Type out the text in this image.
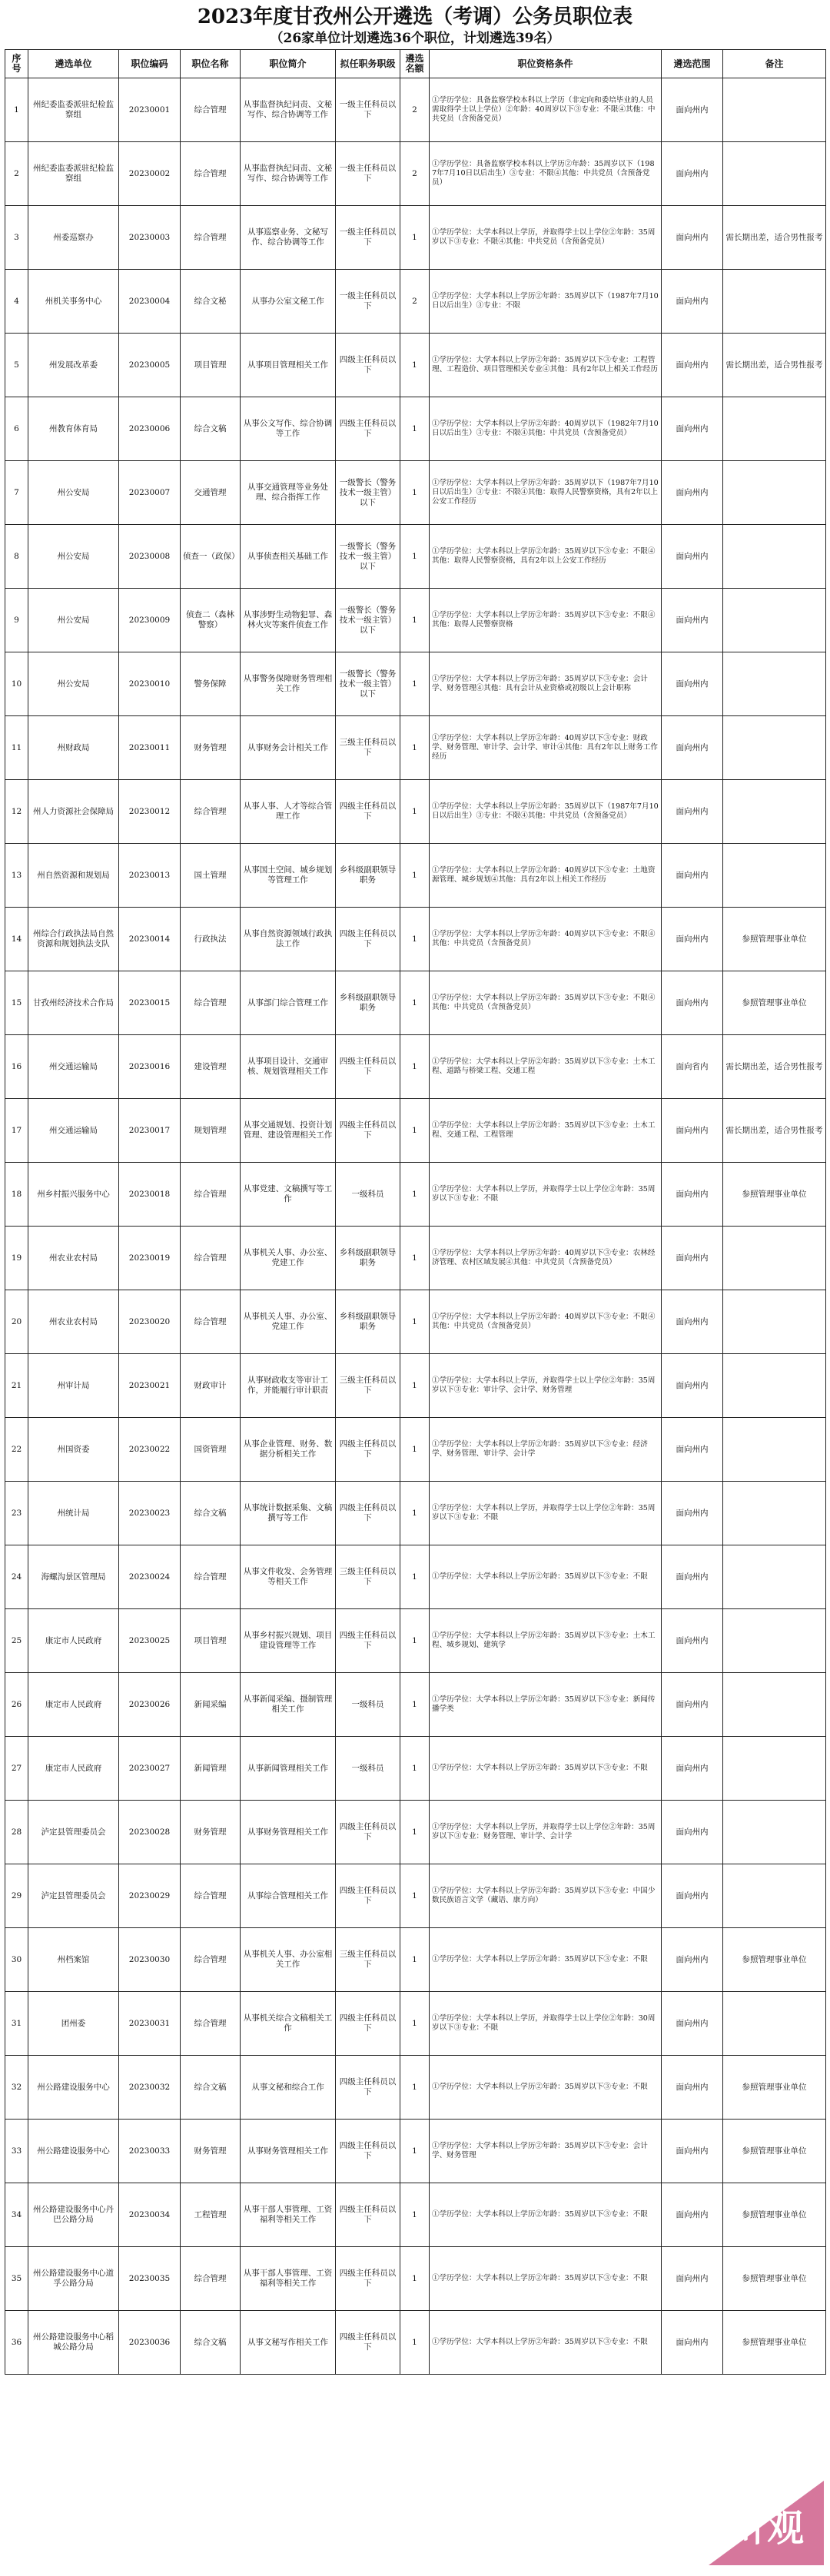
2023年度甘孜州公开遴选（考调）公务员职位表
（26家单位计划遴选36个职位，计划遴选39名）
序号	遴选单位	职位编码	职位名称	职位简介	拟任职务职级	遴选名额	职位资格条件	遴选范围	备注
1	州纪委监委派驻纪检监察组	20230001	综合管理	从事监督执纪问责、文秘写作、综合协调等工作	一级主任科员以下	2	①学历学位：具备监察学校本科以上学历（非定向和委培毕业的人员需取得学士以上学位）②年龄：40周岁以下③专业：不限④其他：中共党员（含预备党员）	面向州内	
2	州纪委监委派驻纪检监察组	20230002	综合管理	从事监督执纪问责、文秘写作、综合协调等工作	一级主任科员以下	2	①学历学位：具备监察学校本科以上学历②年龄：35周岁以下（1987年7月10日以后出生）③专业：不限④其他：中共党员（含预备党员）	面向州内	
3	州委巡察办	20230003	综合管理	从事巡察业务、文秘写作、综合协调等工作	一级主任科员以下	1	①学历学位：大学本科以上学历，并取得学士以上学位②年龄：35周岁以下③专业：不限④其他：中共党员（含预备党员）	面向州内	需长期出差，适合男性报考
4	州机关事务中心	20230004	综合文秘	从事办公室文秘工作	一级主任科员以下	2	①学历学位：大学本科以上学历②年龄：35周岁以下（1987年7月10日以后出生）③专业：不限	面向州内	
5	州发展改革委	20230005	项目管理	从事项目管理相关工作	四级主任科员以下	1	①学历学位：大学本科以上学历②年龄：35周岁以下③专业：工程管理、工程造价、项目管理相关专业④其他：具有2年以上相关工作经历	面向州内	需长期出差，适合男性报考
6	州教育体育局	20230006	综合文稿	从事公文写作、综合协调等工作	四级主任科员以下	1	①学历学位：大学本科以上学历②年龄：40周岁以下（1982年7月10日以后出生）③专业：不限④其他：中共党员（含预备党员）	面向州内	
7	州公安局	20230007	交通管理	从事交通管理等业务处理、综合指挥工作	一级警长（警务技术一级主管）以下	1	①学历学位：大学本科以上学历②年龄：35周岁以下（1987年7月10日以后出生）③专业：不限④其他：取得人民警察资格，具有2年以上公安工作经历	面向州内	
8	州公安局	20230008	侦查一（政保）	从事侦查相关基础工作	一级警长（警务技术一级主管）以下	1	①学历学位：大学本科以上学历②年龄：35周岁以下③专业：不限④其他：取得人民警察资格，具有2年以上公安工作经历	面向州内	
9	州公安局	20230009	侦查二（森林警察）	从事涉野生动物犯罪、森林火灾等案件侦查工作	一级警长（警务技术一级主管）以下	1	①学历学位：大学本科以上学历②年龄：35周岁以下③专业：不限④其他：取得人民警察资格	面向州内	
10	州公安局	20230010	警务保障	从事警务保障财务管理相关工作	一级警长（警务技术一级主管）以下	1	①学历学位：大学本科以上学历②年龄：35周岁以下③专业：会计学、财务管理④其他：具有会计从业资格或初级以上会计职称	面向州内	
11	州财政局	20230011	财务管理	从事财务会计相关工作	三级主任科员以下	1	①学历学位：大学本科以上学历②年龄：40周岁以下③专业：财政学、财务管理、审计学、会计学、审计④其他：具有2年以上财务工作经历	面向州内	
12	州人力资源社会保障局	20230012	综合管理	从事人事、人才等综合管理工作	四级主任科员以下	1	①学历学位：大学本科以上学历②年龄：35周岁以下（1987年7月10日以后出生）③专业：不限④其他：中共党员（含预备党员）	面向州内	
13	州自然资源和规划局	20230013	国土管理	从事国土空间、城乡规划等管理工作	乡科级副职领导职务	1	①学历学位：大学本科以上学历②年龄：40周岁以下③专业：土地资源管理、城乡规划④其他：具有2年以上相关工作经历	面向州内	
14	州综合行政执法局自然资源和规划执法支队	20230014	行政执法	从事自然资源领域行政执法工作	四级主任科员以下	1	①学历学位：大学本科以上学历②年龄：40周岁以下③专业：不限④其他：中共党员（含预备党员）	面向州内	参照管理事业单位
15	甘孜州经济技术合作局	20230015	综合管理	从事部门综合管理工作	乡科级副职领导职务	1	①学历学位：大学本科以上学历②年龄：35周岁以下③专业：不限④其他：中共党员（含预备党员）	面向州内	参照管理事业单位
16	州交通运输局	20230016	建设管理	从事项目设计、交通审核、规划管理相关工作	四级主任科员以下	1	①学历学位：大学本科以上学历②年龄：35周岁以下③专业：土木工程、道路与桥梁工程、交通工程	面向省内	需长期出差，适合男性报考
17	州交通运输局	20230017	规划管理	从事交通规划、投资计划管理、建设管理相关工作	四级主任科员以下	1	①学历学位：大学本科以上学历②年龄：35周岁以下③专业：土木工程、交通工程、工程管理	面向州内	需长期出差，适合男性报考
18	州乡村振兴服务中心	20230018	综合管理	从事党建、文稿撰写等工作	一级科员	1	①学历学位：大学本科以上学历，并取得学士以上学位②年龄：35周岁以下③专业：不限	面向州内	参照管理事业单位
19	州农业农村局	20230019	综合管理	从事机关人事、办公室、党建工作	乡科级副职领导职务	1	①学历学位：大学本科以上学历②年龄：40周岁以下③专业：农林经济管理、农村区域发展④其他：中共党员（含预备党员）	面向州内	
20	州农业农村局	20230020	综合管理	从事机关人事、办公室、党建工作	乡科级副职领导职务	1	①学历学位：大学本科以上学历②年龄：40周岁以下③专业：不限④其他：中共党员（含预备党员）	面向州内	
21	州审计局	20230021	财政审计	从事财政收支等审计工作，并能履行审计职责	三级主任科员以下	1	①学历学位：大学本科以上学历，并取得学士以上学位②年龄：35周岁以下③专业：审计学、会计学、财务管理	面向州内	
22	州国资委	20230022	国资管理	从事企业管理、财务、数据分析相关工作	四级主任科员以下	1	①学历学位：大学本科以上学历②年龄：35周岁以下③专业：经济学、财务管理、审计学、会计学	面向州内	
23	州统计局	20230023	综合文稿	从事统计数据采集、文稿撰写等工作	四级主任科员以下	1	①学历学位：大学本科以上学历，并取得学士以上学位②年龄：35周岁以下③专业：不限	面向州内	
24	海螺沟景区管理局	20230024	综合管理	从事文件收发、会务管理等相关工作	三级主任科员以下	1	①学历学位：大学本科以上学历②年龄：35周岁以下③专业：不限	面向州内	
25	康定市人民政府	20230025	项目管理	从事乡村振兴规划、项目建设管理等工作	四级主任科员以下	1	①学历学位：大学本科以上学历②年龄：35周岁以下③专业：土木工程、城乡规划、建筑学	面向州内	
26	康定市人民政府	20230026	新闻采编	从事新闻采编、摄制管理相关工作	一级科员	1	①学历学位：大学本科以上学历②年龄：35周岁以下③专业：新闻传播学类	面向州内	
27	康定市人民政府	20230027	新闻管理	从事新闻管理相关工作	一级科员	1	①学历学位：大学本科以上学历②年龄：35周岁以下③专业：不限	面向州内	
28	泸定县管理委员会	20230028	财务管理	从事财务管理相关工作	四级主任科员以下	1	①学历学位：大学本科以上学历，并取得学士以上学位②年龄：35周岁以下③专业：财务管理、审计学、会计学	面向州内	
29	泸定县管理委员会	20230029	综合管理	从事综合管理相关工作	四级主任科员以下	1	①学历学位：大学本科以上学历②年龄：35周岁以下③专业：中国少数民族语言文学（藏语、康方向）	面向州内	
30	州档案馆	20230030	综合管理	从事机关人事、办公室相关工作	三级主任科员以下	1	①学历学位：大学本科以上学历②年龄：35周岁以下③专业：不限	面向州内	参照管理事业单位
31	团州委	20230031	综合管理	从事机关综合文稿相关工作	四级主任科员以下	1	①学历学位：大学本科以上学历，并取得学士以上学位②年龄：30周岁以下③专业：不限	面向州内	
32	州公路建设服务中心	20230032	综合文稿	从事文秘和综合工作	四级主任科员以下	1	①学历学位：大学本科以上学历②年龄：35周岁以下③专业：不限	面向州内	参照管理事业单位
33	州公路建设服务中心	20230033	财务管理	从事财务管理相关工作	四级主任科员以下	1	①学历学位：大学本科以上学历②年龄：35周岁以下③专业：会计学、财务管理	面向州内	参照管理事业单位
34	州公路建设服务中心丹巴公路分局	20230034	工程管理	从事干部人事管理、工资福利等相关工作	四级主任科员以下	1	①学历学位：大学本科以上学历②年龄：35周岁以下③专业：不限	面向州内	参照管理事业单位
35	州公路建设服务中心道孚公路分局	20230035	综合管理	从事干部人事管理、工资福利等相关工作	四级主任科员以下	1	①学历学位：大学本科以上学历②年龄：35周岁以下③专业：不限	面向州内	参照管理事业单位
36	州公路建设服务中心稻城公路分局	20230036	综合文稿	从事文秘写作相关工作	四级主任科员以下	1	①学历学位：大学本科以上学历②年龄：35周岁以下③专业：不限	面向州内	参照管理事业单位
川观
